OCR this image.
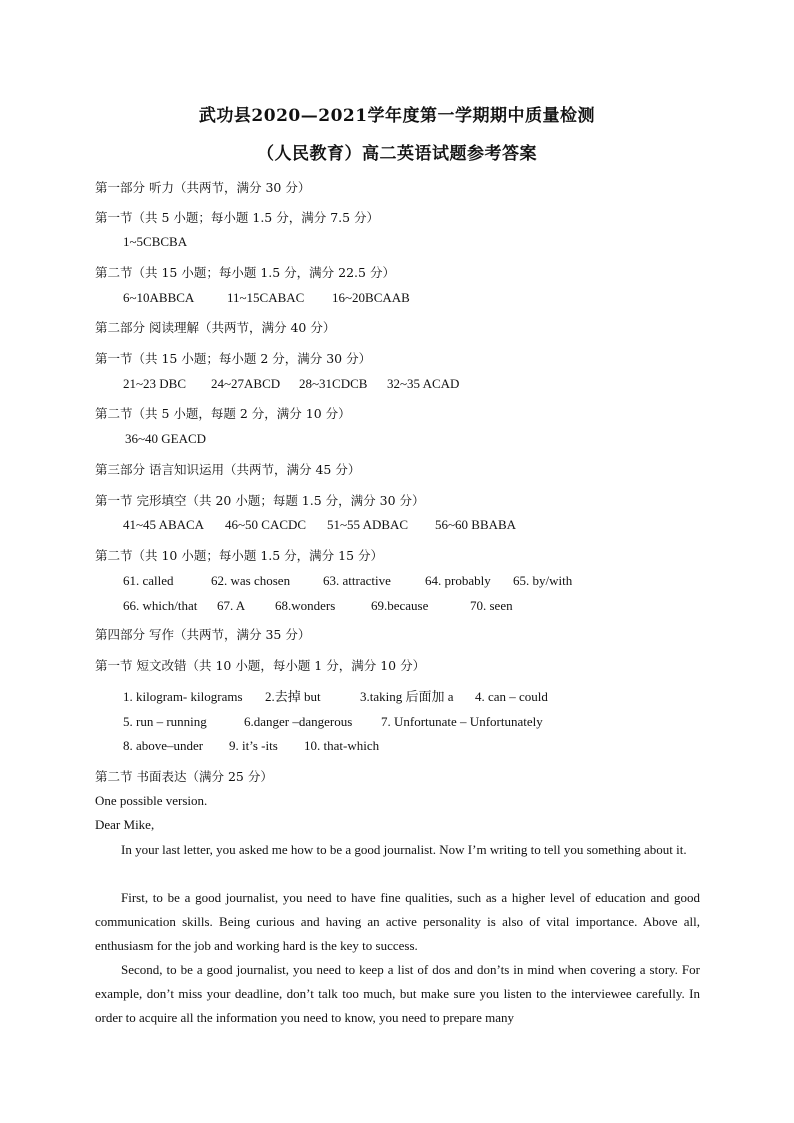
武功县2020—2021学年度第一学期期中质量检测
（人民教育）高二英语试题参考答案
第一部分 听力（共两节，满分 30 分）
第一节（共 5 小题；每小题 1.5 分，满分 7.5 分）
1~5CBCBA
第二节（共 15 小题；每小题 1.5 分，满分 22.5 分）
6~10ABBCA	11~15CABAC 16~20BCAAB
第二部分 阅读理解（共两节，满分 40 分）
第一节（共 15 小题；每小题 2 分，满分 30 分）
21~23 DBC 24~27ABCD 28~31CDCB 32~35 ACAD
第二节（共 5 小题，每题 2 分，满分 10 分）
36~40 GEACD
第三部分 语言知识运用（共两节，满分 45 分）
第一节 完形填空（共 20 小题；每题 1.5 分，满分 30 分）
41~45 ABACA 46~50 CACDC 51~55 ADBAC 56~60 BBABA
第二节（共 10 小题；每小题 1.5 分，满分 15 分）
61. called	62. was chosen	63. attractive	64. probably 65. by/with
66. which/that 67. A 68.wonders	69.because	70. seen
第四部分 写作（共两节，满分 35 分）
第一节 短文改错（共 10 小题，每小题 1 分，满分 10 分）
1. kilogram- kilograms 2.去掉 but	3.taking 后面加 a 4. can – could
5. run – running	6.danger –dangerous 7. Unfortunate – Unfortunately
8. above–under 9. it’s -its 10. that-which
第二节 书面表达（满分 25 分）
One possible version.
Dear Mike,
In your last letter, you asked me how to be a good journalist. Now I’m writing to tell you something about it.
First, to be a good journalist, you need to have fine qualities, such as a higher level of education and good communication skills. Being curious and having an active personality is also of vital importance. Above all, enthusiasm for the job and working hard is the key to success.
Second, to be a good journalist, you need to keep a list of dos and don’ts in mind when covering a story. For example, don’t miss your deadline, don’t talk too much, but make sure you listen to the interviewee carefully. In order to acquire all the information you need to know, you need to prepare many
